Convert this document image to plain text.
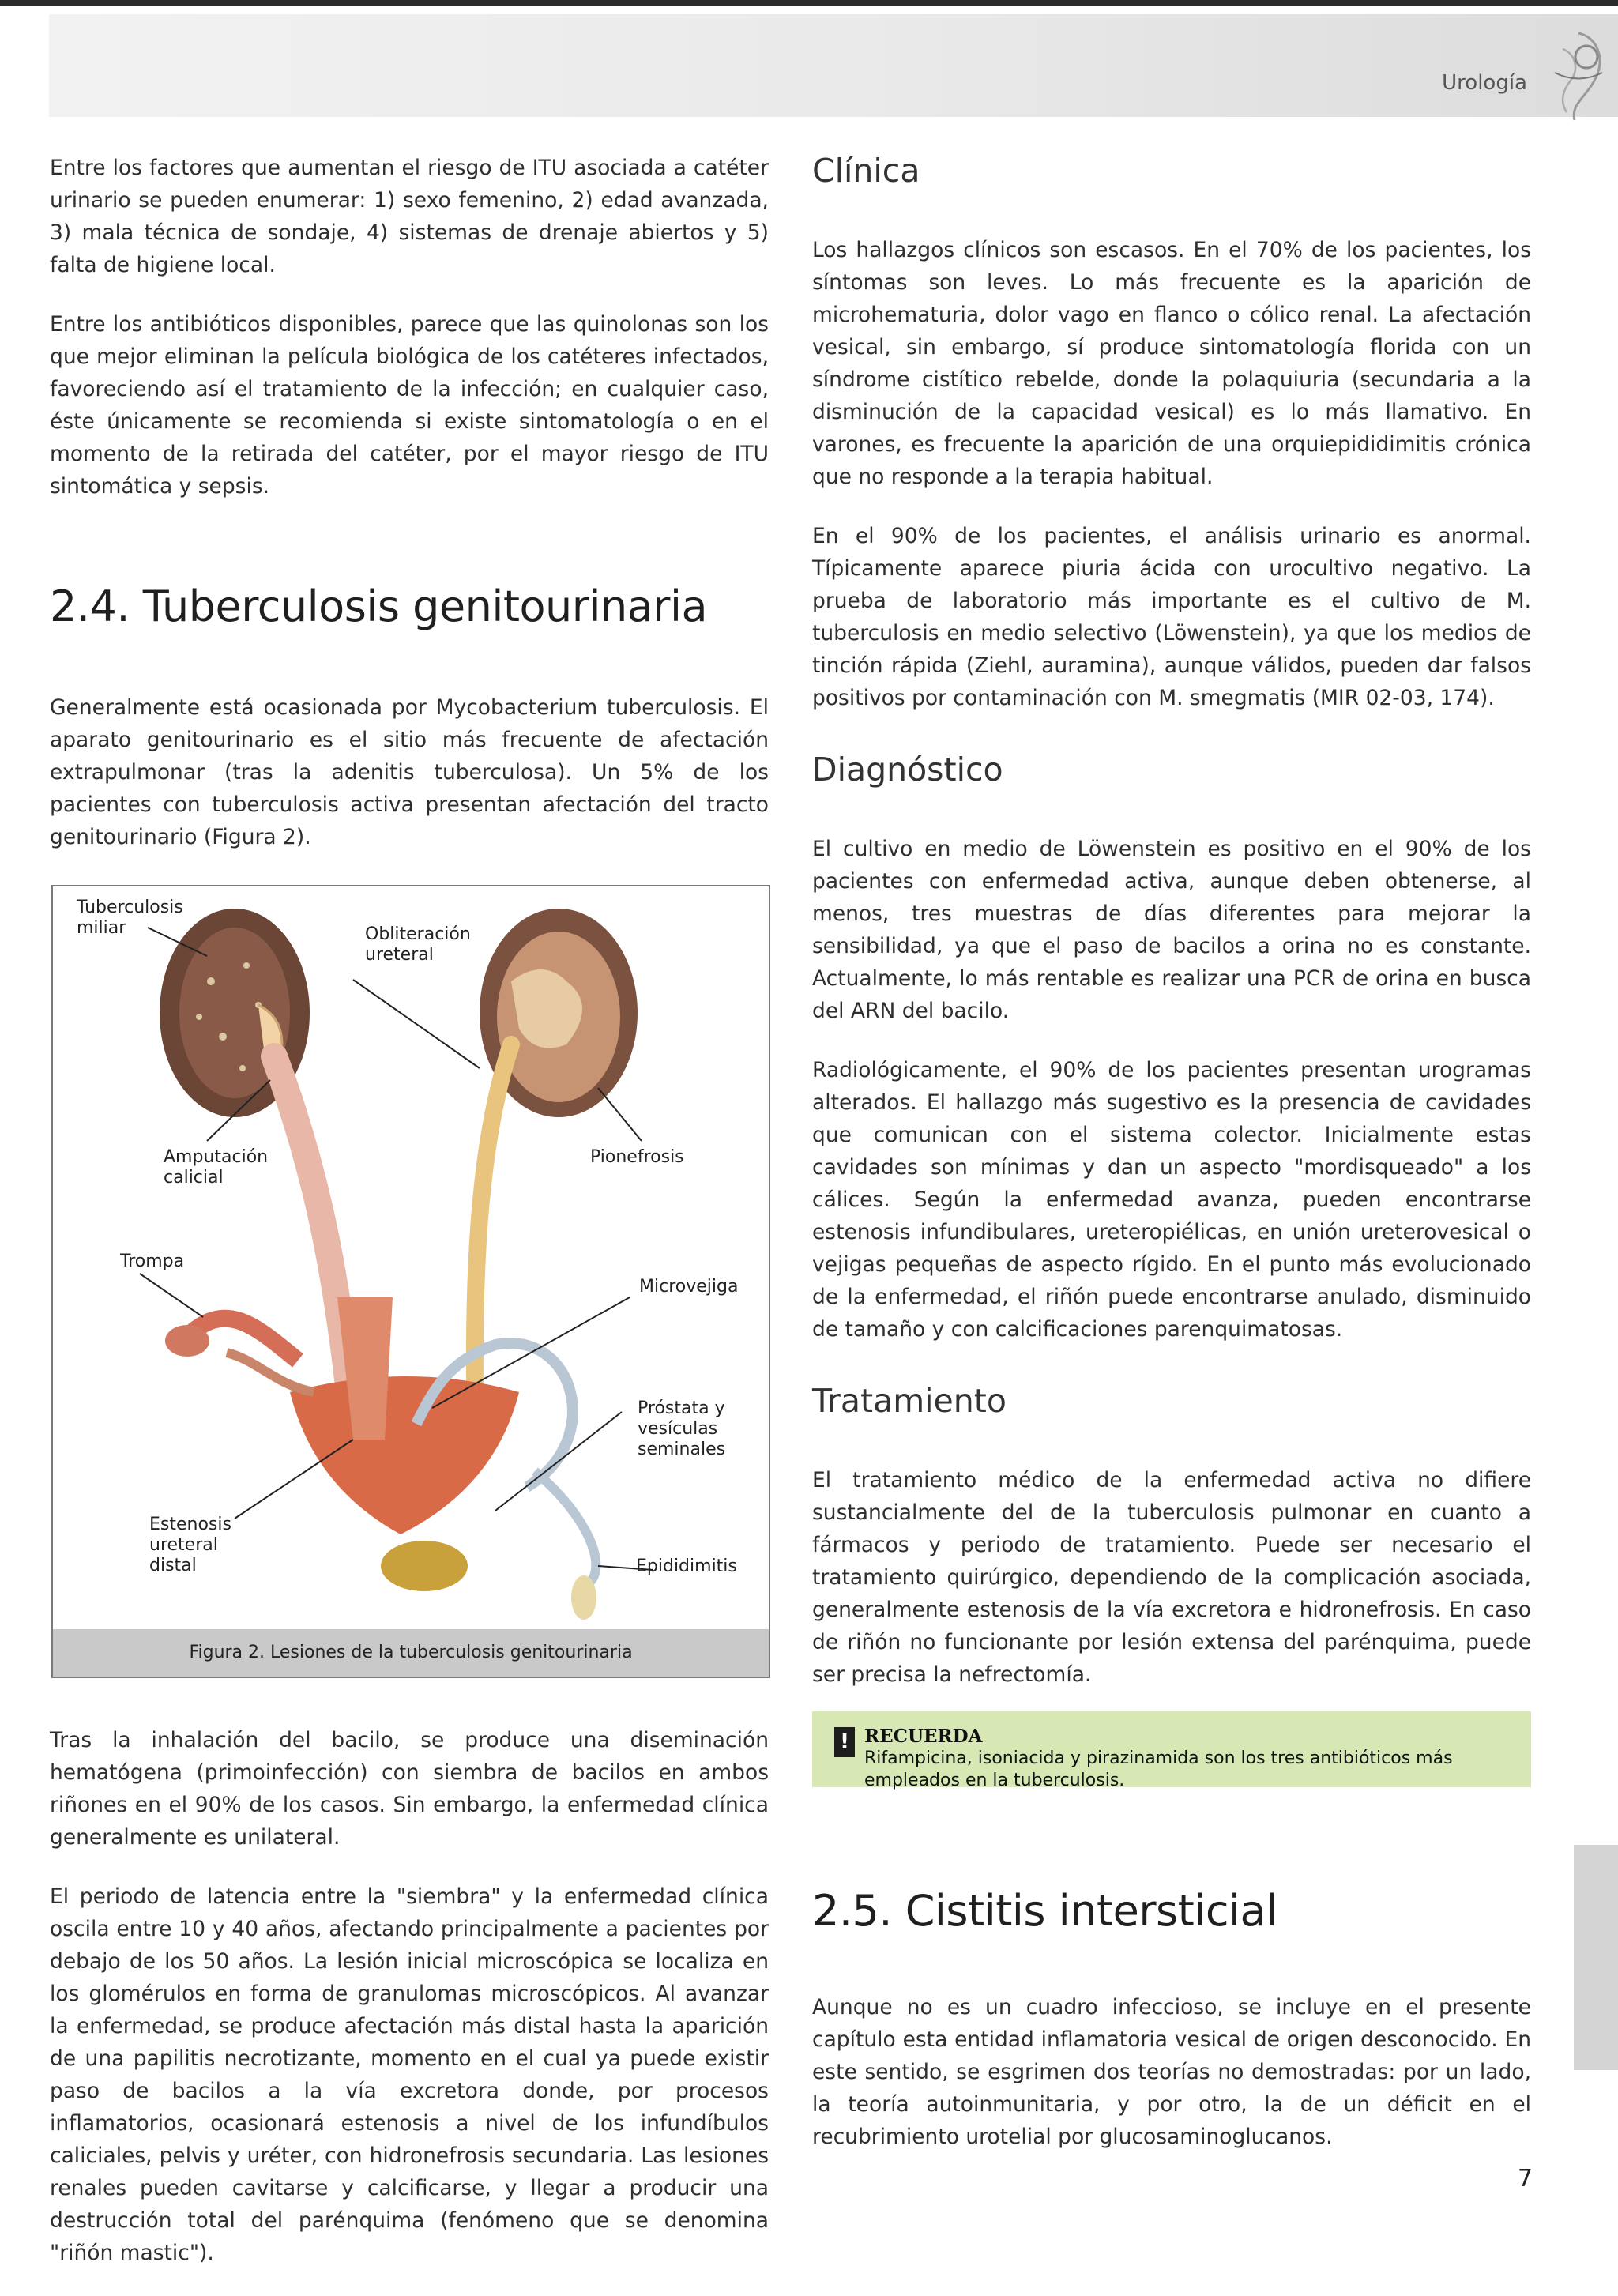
Urología

Entre los factores que aumentan el riesgo de ITU asociada a catéter urinario se pueden enumerar: 1) sexo femenino, 2) edad avanzada, 3) mala técnica de sondaje, 4) sistemas de drenaje abiertos y 5) falta de higiene local.

Entre los antibióticos disponibles, parece que las quinolonas son los que mejor eliminan la película biológica de los catéteres infectados, favoreciendo así el tratamiento de la infección; en cualquier caso, éste únicamente se recomienda si existe sintomatología o en el momento de la retirada del catéter, por el mayor riesgo de ITU sintomática y sepsis.

2.4. Tuberculosis genitourinaria

Generalmente está ocasionada por Mycobacterium tuberculosis. El aparato genitourinario es el sitio más frecuente de afectación extrapulmonar (tras la adenitis tuberculosa). Un 5% de los pacientes con tuberculosis activa presentan afectación del tracto genitourinario (Figura 2).

Tuberculosis miliar	Obliteración ureteral
Amputación calicial
Pionefrosis
Trompa
Microvejiga
Próstata y vesículas seminales
Estenosis ureteral distal	Epididimitis
Figura 2. Lesiones de la tuberculosis genitourinaria

Tras la inhalación del bacilo, se produce una diseminación hematógena (primoinfección) con siembra de bacilos en ambos riñones en el 90% de los casos. Sin embargo, la enfermedad clínica generalmente es unilateral.

El periodo de latencia entre la "siembra" y la enfermedad clínica oscila entre 10 y 40 años, afectando principalmente a pacientes por debajo de los 50 años. La lesión inicial microscópica se localiza en los glomérulos en forma de granulomas microscópicos. Al avanzar la enfermedad, se produce afectación más distal hasta la aparición de una papilitis necrotizante, momento en el cual ya puede existir paso de bacilos a la vía excretora donde, por procesos inflamatorios, ocasionará estenosis a nivel de los infundíbulos caliciales, pelvis y uréter, con hidronefrosis secundaria. Las lesiones renales pueden cavitarse y calcificarse, y llegar a producir una destrucción total del parénquima (fenómeno que se denomina "riñón mastic").

Clínica

Los hallazgos clínicos son escasos. En el 70% de los pacientes, los síntomas son leves. Lo más frecuente es la aparición de microhematuria, dolor vago en flanco o cólico renal. La afectación vesical, sin embargo, sí produce sintomatología florida con un síndrome cistítico rebelde, donde la polaquiuria (secundaria a la disminución de la capacidad vesical) es lo más llamativo. En varones, es frecuente la aparición de una orquiepididimitis crónica que no responde a la terapia habitual.

En el 90% de los pacientes, el análisis urinario es anormal. Típicamente aparece piuria ácida con urocultivo negativo. La prueba de laboratorio más importante es el cultivo de M. tuberculosis en medio selectivo (Löwenstein), ya que los medios de tinción rápida (Ziehl, auramina), aunque válidos, pueden dar falsos positivos por contaminación con M. smegmatis (MIR 02-03, 174).

Diagnóstico

El cultivo en medio de Löwenstein es positivo en el 90% de los pacientes con enfermedad activa, aunque deben obtenerse, al menos, tres muestras de días diferentes para mejorar la sensibilidad, ya que el paso de bacilos a orina no es constante. Actualmente, lo más rentable es realizar una PCR de orina en busca del ARN del bacilo.

Radiológicamente, el 90% de los pacientes presentan urogramas alterados. El hallazgo más sugestivo es la presencia de cavidades que comunican con el sistema colector. Inicialmente estas cavidades son mínimas y dan un aspecto "mordisqueado" a los cálices. Según la enfermedad avanza, pueden encontrarse estenosis infundibulares, ureteropiélicas, en unión ureterovesical o vejigas pequeñas de aspecto rígido. En el punto más evolucionado de la enfermedad, el riñón puede encontrarse anulado, disminuido de tamaño y con calcificaciones parenquimatosas.

Tratamiento

El tratamiento médico de la enfermedad activa no difiere sustancialmente del de la tuberculosis pulmonar en cuanto a fármacos y periodo de tratamiento. Puede ser necesario el tratamiento quirúrgico, dependiendo de la complicación asociada, generalmente estenosis de la vía excretora e hidronefrosis. En caso de riñón no funcionante por lesión extensa del parénquima, puede ser precisa la nefrectomía.

! RECUERDA
Rifampicina, isoniacida y pirazinamida son los tres antibióticos más empleados en la tuberculosis.
2.5. Cistitis intersticial

Aunque no es un cuadro infeccioso, se incluye en el presente capítulo esta entidad inflamatoria vesical de origen desconocido. En este sentido, se esgrimen dos teorías no demostradas: por un lado, la teoría autoinmunitaria, y por otro, la de un déficit en el recubrimiento urotelial por glucosaminoglucanos.

7
